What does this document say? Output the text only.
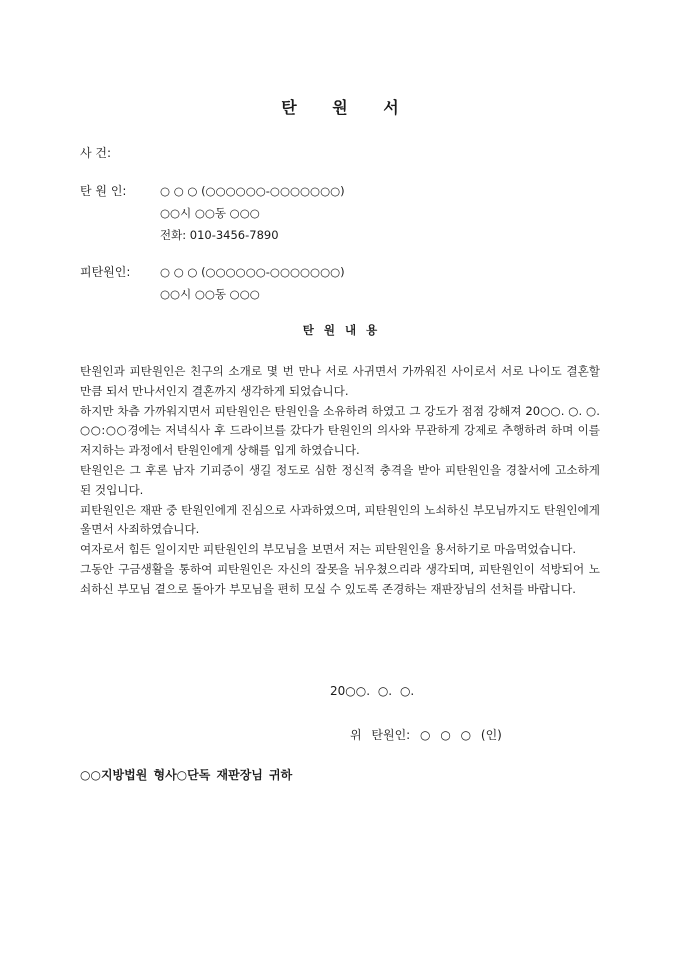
탄 원 서
사 건:
탄 원 인:	○ ○ ○ (○○○○○○-○○○○○○○)
○○시 ○○동 ○○○
전화: 010-3456-7890
피탄원인:	○ ○ ○ (○○○○○○-○○○○○○○)
○○시 ○○동 ○○○
탄 원 내 용

탄원인과 피탄원인은 친구의 소개로 몇 번 만나 서로 사귀면서 가까워진 사이로서 서로 나이도 결혼할 만큼 되서 만나서인지 결혼까지 생각하게 되었습니다.

하지만 차츰 가까워지면서 피탄원인은 탄원인을 소유하려 하였고 그 강도가 점점 강해져 20○○. ○. ○. ○○:○○경에는 저녁식사 후 드라이브를 갔다가 탄원인의 의사와 무관하게 강제로 추행하려 하며 이를 저지하는 과정에서 탄원인에게 상해를 입게 하였습니다.

탄원인은 그 후론 남자 기피증이 생길 정도로 심한 정신적 충격을 받아 피탄원인을 경찰서에 고소하게 된 것입니다.

피탄원인은 재판 중 탄원인에게 진심으로 사과하였으며, 피탄원인의 노쇠하신 부모님까지도 탄원인에게 울면서 사죄하였습니다.

여자로서 힘든 일이지만 피탄원인의 부모님을 보면서 저는 피탄원인을 용서하기로 마음먹었습니다.

그동안 구금생활을 통하여 피탄원인은 자신의 잘못을 뉘우쳤으리라 생각되며, 피탄원인이 석방되어 노쇠하신 부모님 곁으로 돌아가 부모님을 편히 모실 수 있도록 존경하는 재판장님의 선처를 바랍니다.

20○○. ○. ○.
위 탄원인: ○ ○ ○ (인)
○○지방법원 형사○단독 재판장님 귀하
